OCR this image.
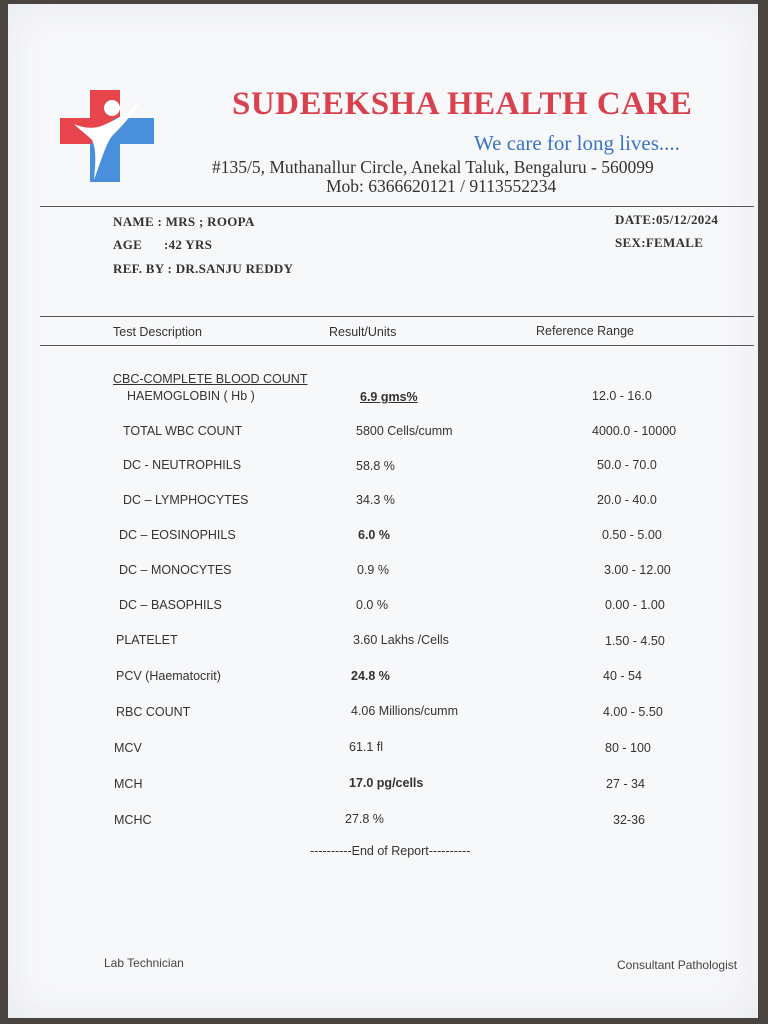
SUDEEKSHA HEALTH CARE
We care for long lives....
#135/5, Muthanallur Circle, Anekal Taluk, Bengaluru - 560099
Mob: 6366620121 / 9113552234
NAME : MRS ; ROOPA
AGE :42 YRS
REF. BY : DR.SANJU REDDY
DATE:05/12/2024
SEX:FEMALE
Test Description	Result/Units	Reference Range
CBC-COMPLETE BLOOD COUNT
HAEMOGLOBIN ( Hb )	6.9 gms%	12.0 - 16.0
TOTAL WBC COUNT	5800 Cells/cumm	4000.0 - 10000
DC - NEUTROPHILS	58.8 %	50.0 - 70.0
DC – LYMPHOCYTES	34.3 %	20.0 - 40.0
DC – EOSINOPHILS	6.0 %	0.50 - 5.00
DC – MONOCYTES	0.9 %	3.00 - 12.00
DC – BASOPHILS	0.0 %	0.00 - 1.00
PLATELET	3.60 Lakhs /Cells	1.50 - 4.50
PCV (Haematocrit)	24.8 %	40 - 54
RBC COUNT	4.06 Millions/cumm	4.00 - 5.50
MCV	61.1 fl	80 - 100
MCH	17.0 pg/cells	27 - 34
MCHC	27.8 %	32-36
----------End of Report----------
Lab Technician	Consultant Pathologist
